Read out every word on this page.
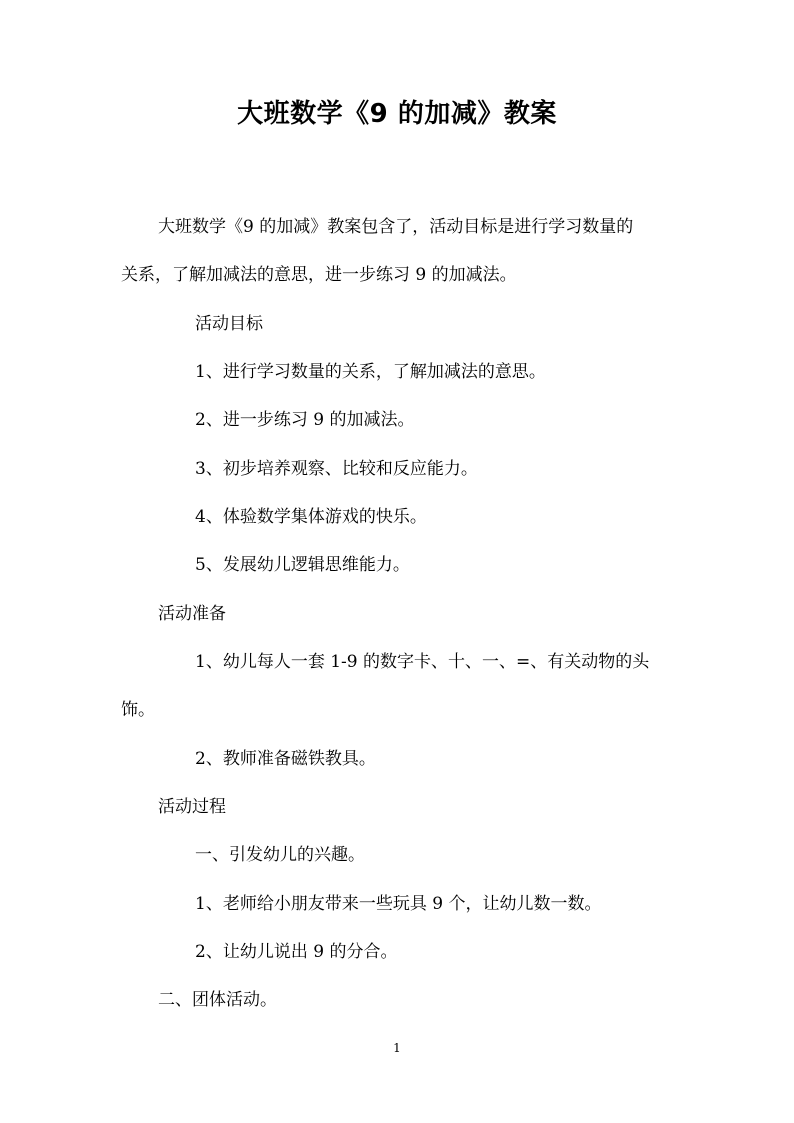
大班数学《9 的加减》教案
大班数学《9 的加减》教案包含了，活动目标是进行学习数量的
关系，了解加减法的意思，进一步练习 9 的加减法。
活动目标
1、进行学习数量的关系，了解加减法的意思。
2、进一步练习 9 的加减法。
3、初步培养观察、比较和反应能力。
4、体验数学集体游戏的快乐。
5、发展幼儿逻辑思维能力。
活动准备
1、幼儿每人一套 1-9 的数字卡、十、一、=、有关动物的头
饰。
2、教师准备磁铁教具。
活动过程
一、引发幼儿的兴趣。
1、老师给小朋友带来一些玩具 9 个，让幼儿数一数。
2、让幼儿说出 9 的分合。
二、团体活动。
1
